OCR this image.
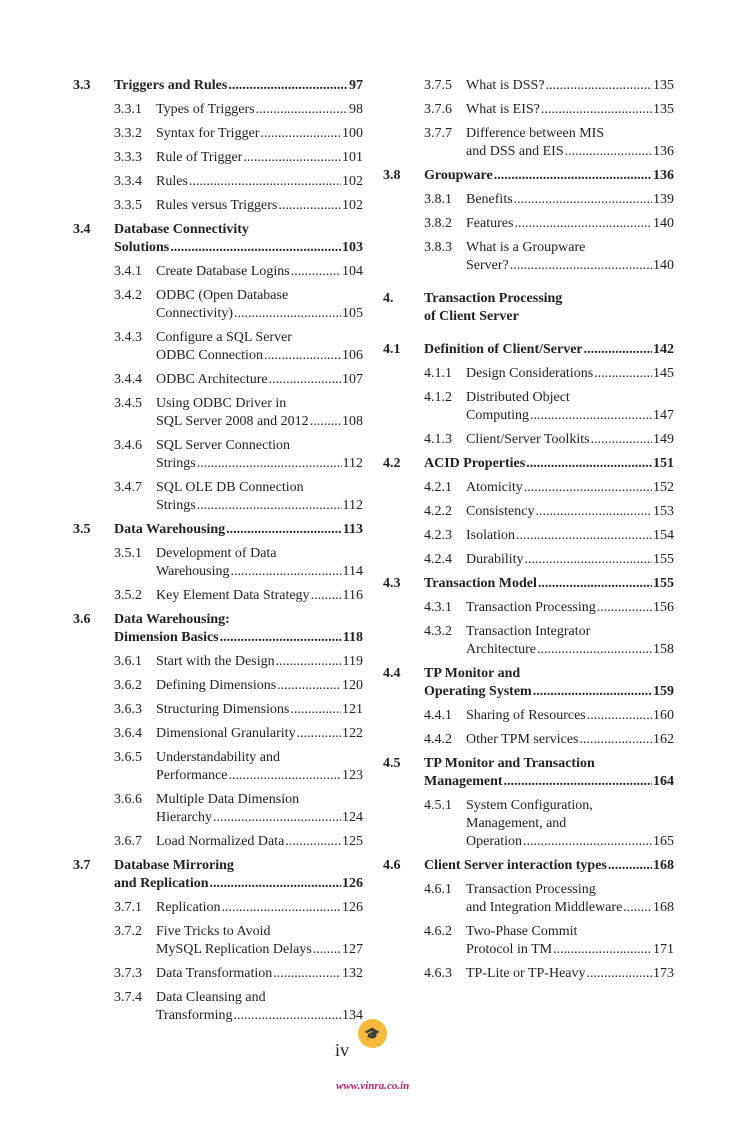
3.3 Triggers and Rules .....	97
3.3.1 Types of Triggers .....	98
3.3.2 Syntax for Trigger .....	100
3.3.3 Rule of Trigger .....	101
3.3.4 Rules .....	102
3.3.5 Rules versus Triggers .....	102
3.4 Database Connectivity
Solutions .....	103
3.4.1 Create Database Logins .....	104
3.4.2 ODBC (Open Database
Connectivity) .....	105
3.4.3 Configure a SQL Server
ODBC Connection .....	106
3.4.4 ODBC Architecture .....	107
3.4.5 Using ODBC Driver in
SQL Server 2008 and 2012 ..... 108
3.4.6 SQL Server Connection
Strings .....	112
3.4.7 SQL OLE DB Connection
Strings .....	112
3.5 Data Warehousing .....	113
3.5.1 Development of Data
Warehousing .....	114
3.5.2 Key Element Data Strategy ..... 116
3.6 Data Warehousing:
Dimension Basics .....	118
3.6.1 Start with the Design .....	119
3.6.2 Defining Dimensions .....	120
3.6.3 Structuring Dimensions .....	121
3.6.4 Dimensional Granularity .....	122
3.6.5 Understandability and
Performance .....	123
3.6.6 Multiple Data Dimension
Hierarchy .....	124
3.6.7 Load Normalized Data .....	125
3.7 Database Mirroring
and Replication .....	126
3.7.1 Replication .....	126
3.7.2 Five Tricks to Avoid
MySQL Replication Delays ..... 127
3.7.3 Data Transformation .....	132
3.7.4 Data Cleansing and
Transforming .....	134
3.7.5 What is DSS? .....	135
3.7.6 What is EIS? .....	135
3.7.7 Difference between MIS
and DSS and EIS .....	136
3.8 Groupware .....	136
3.8.1 Benefits .....	139
3.8.2 Features .....	140
3.8.3 What is a Groupware
Server? .....	140
4. Transaction Processing
of Client Server
4.1 Definition of Client/Server .....	142
4.1.1 Design Considerations .....	145
4.1.2 Distributed Object
Computing .....	147
4.1.3 Client/Server Toolkits .....	149
4.2 ACID Properties .....	151
4.2.1 Atomicity .....	152
4.2.2 Consistency .....	153
4.2.3 Isolation .....	154
4.2.4 Durability .....	155
4.3 Transaction Model .....	155
4.3.1 Transaction Processing .....	156
4.3.2 Transaction Integrator
Architecture .....	158
4.4 TP Monitor and
Operating System .....	159
4.4.1 Sharing of Resources .....	160
4.4.2 Other TPM services .....	162
4.5 TP Monitor and Transaction
Management .....	164
4.5.1 System Configuration,
Management, and
Operation .....	165
4.6 Client Server interaction types .....	168
4.6.1 Transaction Processing
and Integration Middleware ..... 168
4.6.2 Two-Phase Commit
Protocol in TM .....	171
4.6.3 TP-Lite or TP-Heavy .....	173
🎓
iv
www.vinra.co.in
